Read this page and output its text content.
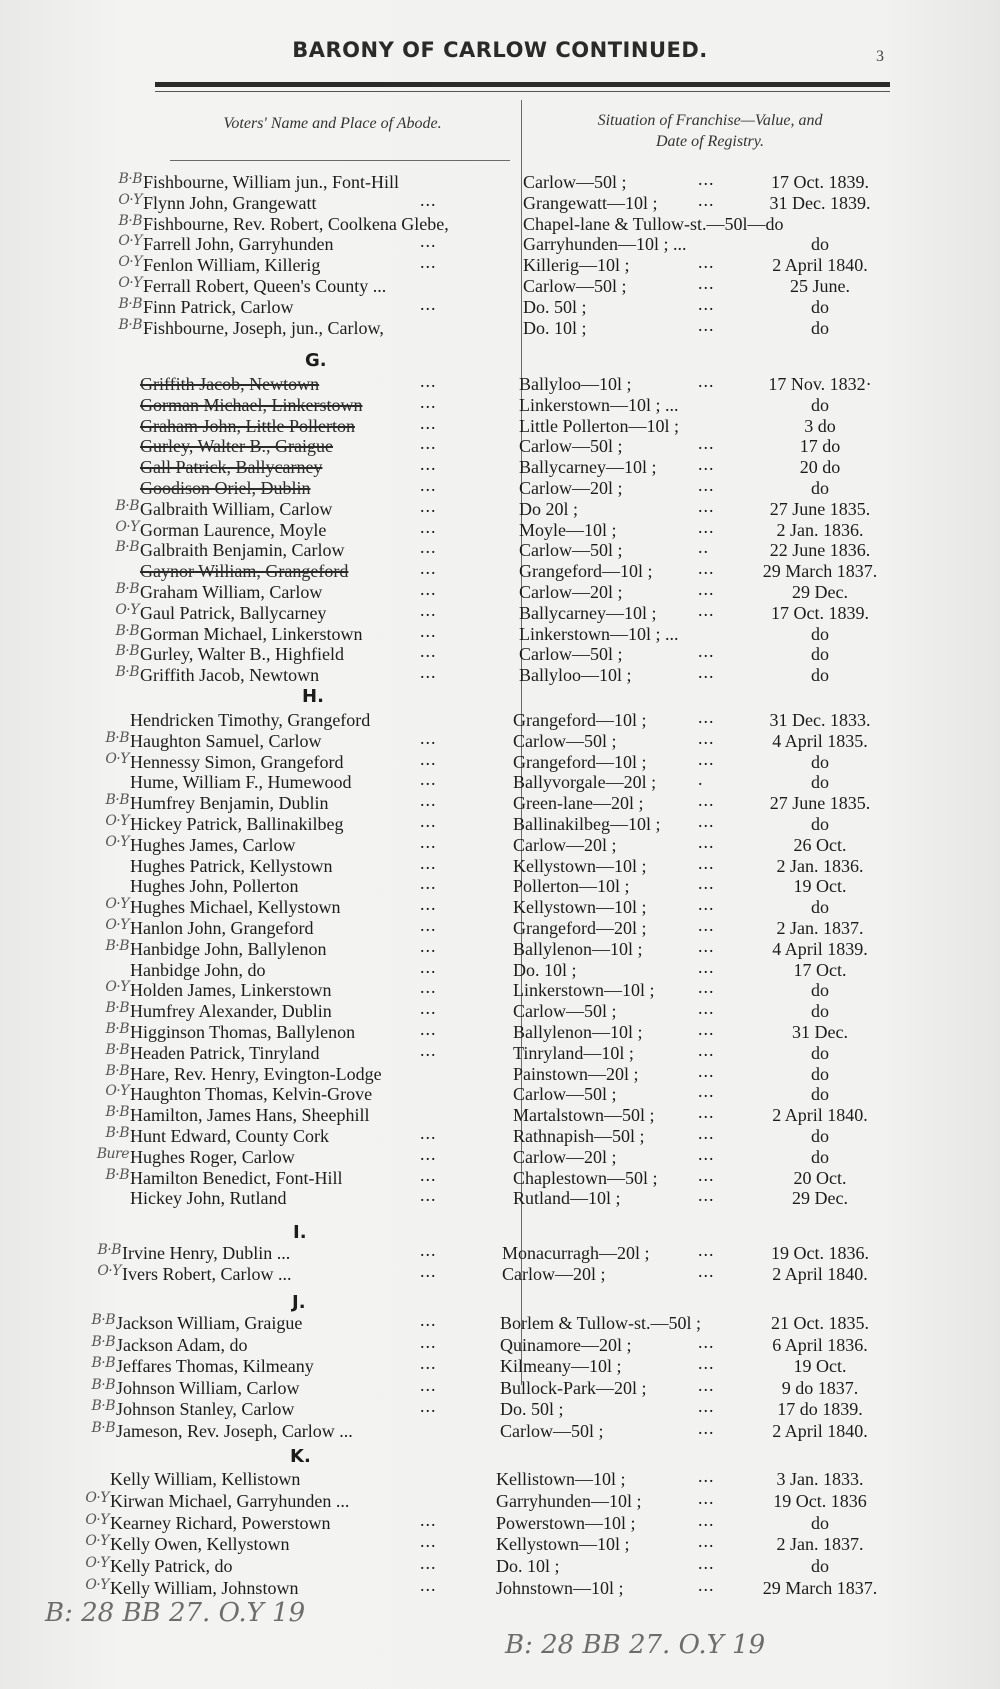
BARONY OF CARLOW CONTINUED.	3
Voters' Name and Place of Abode.	Situation of Franchise—Value, and
Date of Registry.
B·B Fishbourne, William jun., Font-Hill	Carlow—50l ;	...	17 Oct. 1839.
O·Y Flynn John, Grangewatt	...	Grangewatt—10l ; ...	31 Dec. 1839.
B·B Fishbourne, Rev. Robert, Coolkena Glebe,	Chapel-lane & Tullow-st.—50l—do
O·Y Farrell John, Garryhunden	...	Garryhunden—10l ; ...	do
O·Y Fenlon William, Killerig	...	Killerig—10l ;	...	2 April 1840.
O·Y Ferrall Robert, Queen's County ...	Carlow—50l ;	...	25 June.
B·B Finn Patrick, Carlow	...	Do. 50l ;	...	do
B·B Fishbourne, Joseph, jun., Carlow,	Do. 10l ;	...	do
G.
Griffith Jacob, Newtown	...	Ballyloo—10l ;	...	17 Nov. 1832·
Gorman Michael, Linkerstown	...	Linkerstown—10l ; ...	do
Graham John, Little Pollerton	...	Little Pollerton—10l ;	3 do
Gurley, Walter B., Graigue	...	Carlow—50l ;	...	17 do
Gall Patrick, Ballycarney	...	Ballycarney—10l ; ...	20 do
Goodison Oriel, Dublin	...	Carlow—20l ;	...	do
B·B Galbraith William, Carlow	...	Do 20l ;	...	27 June 1835.
O·Y Gorman Laurence, Moyle	...	Moyle—10l ;	...	2 Jan. 1836.
B·B Galbraith Benjamin, Carlow	...	Carlow—50l ;	..	22 June 1836.
Gaynor William, Grangeford	...	Grangeford—10l ;	...	29 March 1837.
B·B Graham William, Carlow	...	Carlow—20l ;	...	29 Dec.
O·Y Gaul Patrick, Ballycarney	...	Ballycarney—10l ; ...	17 Oct. 1839.
B·B Gorman Michael, Linkerstown	...	Linkerstown—10l ; ...	do
B·B Gurley, Walter B., Highfield	...	Carlow—50l ;	...	do
B·B Griffith Jacob, Newtown	...	Ballyloo—10l ;	...	do
H.
Hendricken Timothy, Grangeford	Grangeford—10l ;	...	31 Dec. 1833.
B·B Haughton Samuel, Carlow	...	Carlow—50l ;	...	4 April 1835.
O·Y Hennessy Simon, Grangeford	...	Grangeford—10l ;	...	do
Hume, William F., Humewood	...	Ballyvorgale—20l ; .	do
B·B Humfrey Benjamin, Dublin	...	Green-lane—20l ;	...	27 June 1835.
O·Y Hickey Patrick, Ballinakilbeg	...	Ballinakilbeg—10l ; ...	do
O·Y Hughes James, Carlow	...	Carlow—20l ;	...	26 Oct.
Hughes Patrick, Kellystown	...	Kellystown—10l ;	...	2 Jan. 1836.
Hughes John, Pollerton	...	Pollerton—10l ;	...	19 Oct.
O·Y Hughes Michael, Kellystown	...	Kellystown—10l ;	...	do
O·Y Hanlon John, Grangeford	...	Grangeford—20l ;	...	2 Jan. 1837.
B·B Hanbidge John, Ballylenon	...	Ballylenon—10l ;	...	4 April 1839.
Hanbidge John, do	...	Do. 10l ;	...	17 Oct.
O·Y Holden James, Linkerstown	...	Linkerstown—10l ; ...	do
B·B Humfrey Alexander, Dublin	...	Carlow—50l ;	...	do
B·B Higginson Thomas, Ballylenon	...	Ballylenon—10l ;	...	31 Dec.
B·B Headen Patrick, Tinryland	...	Tinryland—10l ;	...	do
B·B Hare, Rev. Henry, Evington-Lodge	Painstown—20l ;	...	do
O·Y Haughton Thomas, Kelvin-Grove	Carlow—50l ;	...	do
B·B Hamilton, James Hans, Sheephill	Martalstown—50l ; ...	2 April 1840.
B·B Hunt Edward, County Cork	...	Rathnapish—50l ;	...	do
Bure Hughes Roger, Carlow	...	Carlow—20l ;	...	do
B·B Hamilton Benedict, Font-Hill	...	Chaplestown—50l ; ...	20 Oct.
Hickey John, Rutland	...	Rutland—10l ;	...	29 Dec.
I.
B·B Irvine Henry, Dublin ...	...	Monacurragh—20l ;	...	19 Oct. 1836.
O·Y Ivers Robert, Carlow ...	...	Carlow—20l ;	...	2 April 1840.
J.
B·B Jackson William, Graigue	...	Borlem & Tullow-st.—50l ;	21 Oct. 1835.
B·B Jackson Adam, do	...	Quinamore—20l ;	...	6 April 1836.
B·B Jeffares Thomas, Kilmeany	...	Kilmeany—10l ;	...	19 Oct.
B·B Johnson William, Carlow	...	Bullock-Park—20l ;	...	9 do 1837.
B·B Johnson Stanley, Carlow	...	Do. 50l ;	...	17 do 1839.
B·B Jameson, Rev. Joseph, Carlow ...	Carlow—50l ;	...	2 April 1840.
K.
Kelly William, Kellistown	Kellistown—10l ;	...	3 Jan. 1833.
O·Y Kirwan Michael, Garryhunden ...	Garryhunden—10l ;	...	19 Oct. 1836
O·Y Kearney Richard, Powerstown	...	Powerstown—10l ;	...	do
O·Y Kelly Owen, Kellystown	...	Kellystown—10l ;	...	2 Jan. 1837.
O·Y Kelly Patrick, do	...	Do. 10l ;	...	do
O·Y Kelly William, Johnstown	...	Johnstown—10l ;	...	29 March 1837.
B: 28 BB 27. O.Y 19
B: 28 BB 27. O.Y 19
